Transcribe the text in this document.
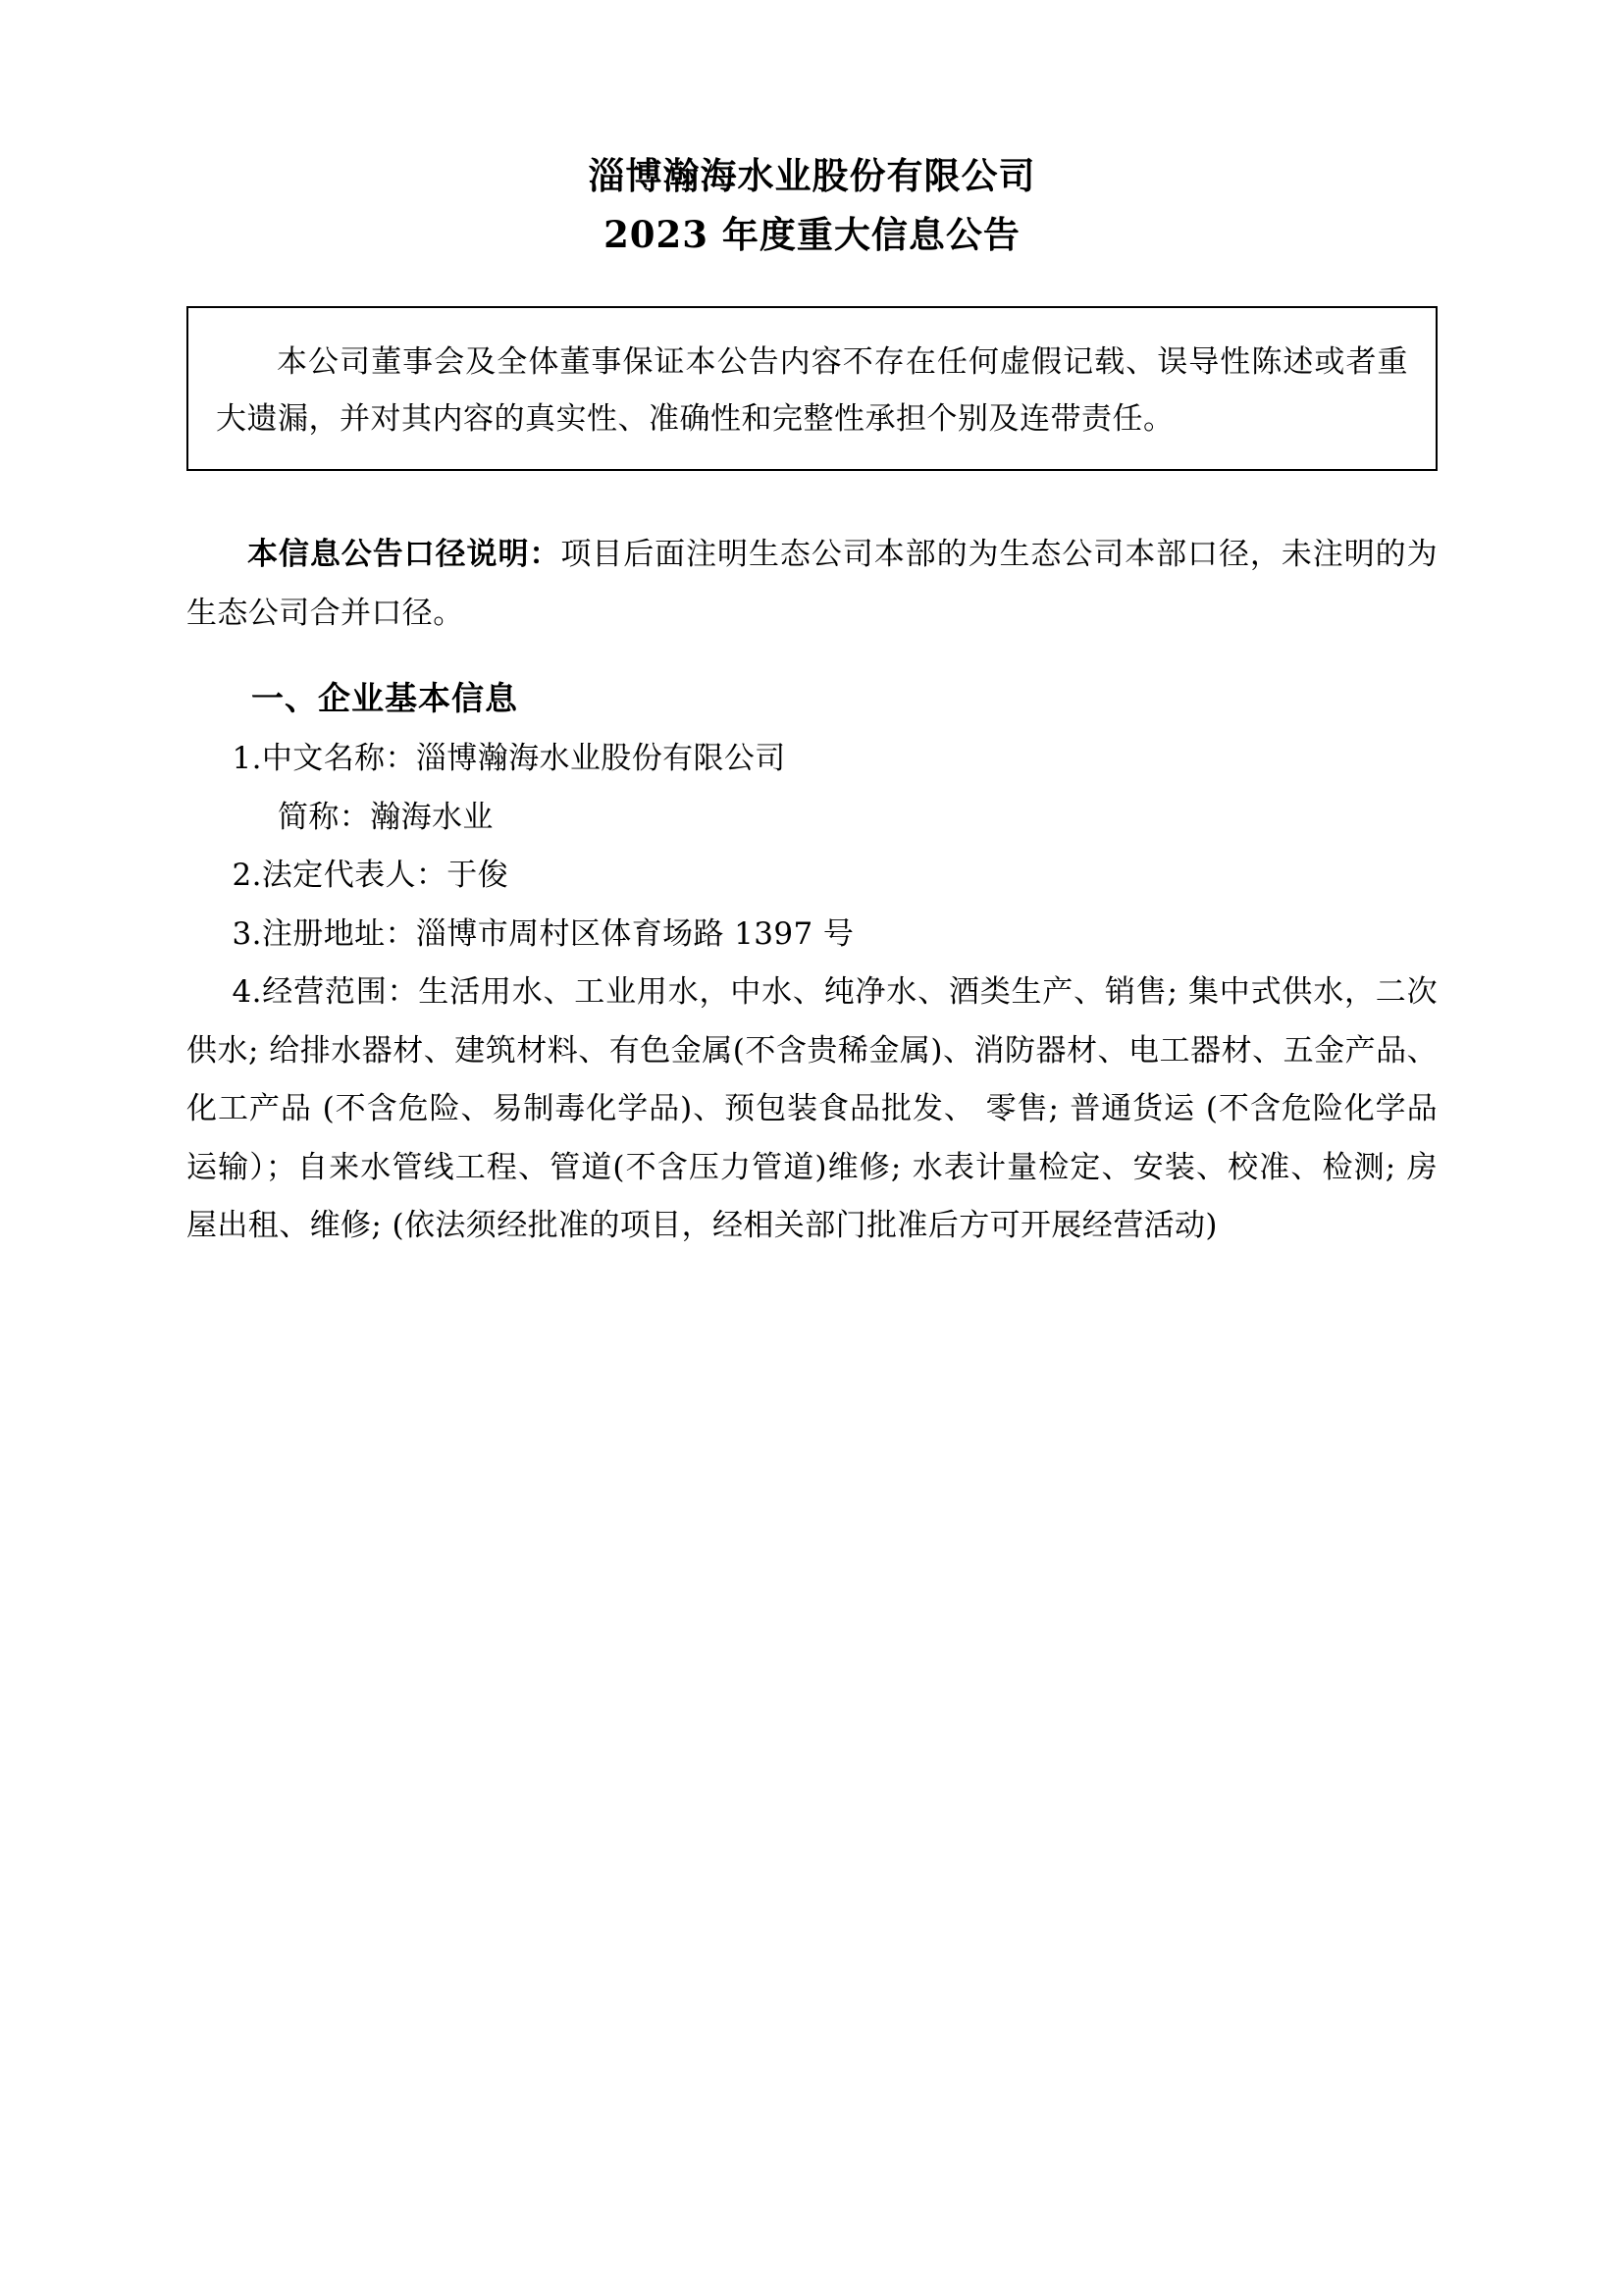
淄博瀚海水业股份有限公司
2023 年度重大信息公告
本公司董事会及全体董事保证本公告内容不存在任何虚假记载、误导性陈述或者重大遗漏，并对其内容的真实性、准确性和完整性承担个别及连带责任。
本信息公告口径说明：项目后面注明生态公司本部的为生态公司本部口径，未注明的为生态公司合并口径。
一、企业基本信息
1.中文名称：淄博瀚海水业股份有限公司
简称：瀚海水业
2.法定代表人：于俊
3.注册地址：淄博市周村区体育场路 1397 号
4.经营范围：生活用水、工业用水，中水、纯净水、酒类生产、销售; 集中式供水，二次供水; 给排水器材、建筑材料、有色金属(不含贵稀金属)、消防器材、电工器材、五金产品、化工产品 (不含危险、易制毒化学品)、预包装食品批发、 零售; 普通货运 (不含危险化学品运输）；自来水管线工程、管道(不含压力管道)维修; 水表计量检定、安装、校准、检测; 房屋出租、维修; (依法须经批准的项目，经相关部门批准后方可开展经营活动)
